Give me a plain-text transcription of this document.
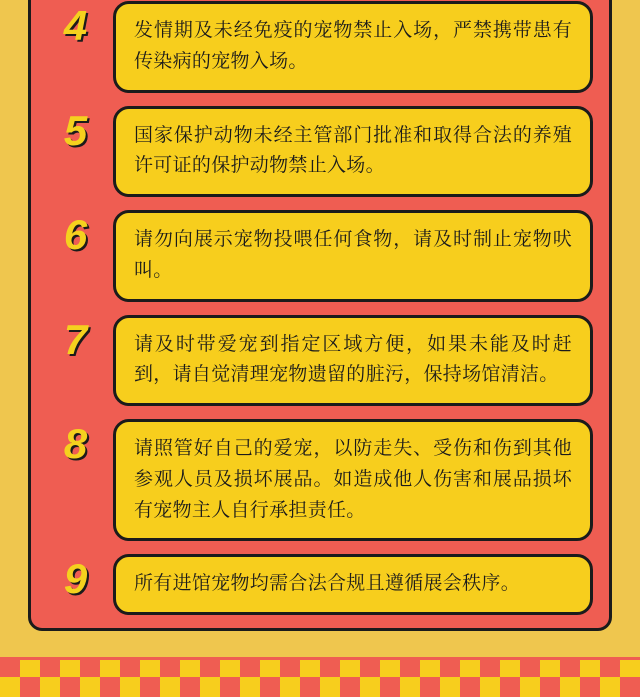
4	发情期及未经免疫的宠物禁止入场，严禁携带患有传染病的宠物入场。
5	国家保护动物未经主管部门批准和取得合法的养殖许可证的保护动物禁止入场。
6	请勿向展示宠物投喂任何食物，请及时制止宠物吠叫。
7	请及时带爱宠到指定区域方便，如果未能及时赶到，请自觉清理宠物遗留的脏污，保持场馆清洁。
8	请照管好自己的爱宠，以防走失、受伤和伤到其他参观人员及损坏展品。如造成他人伤害和展品损坏有宠物主人自行承担责任。
9	所有进馆宠物均需合法合规且遵循展会秩序。
